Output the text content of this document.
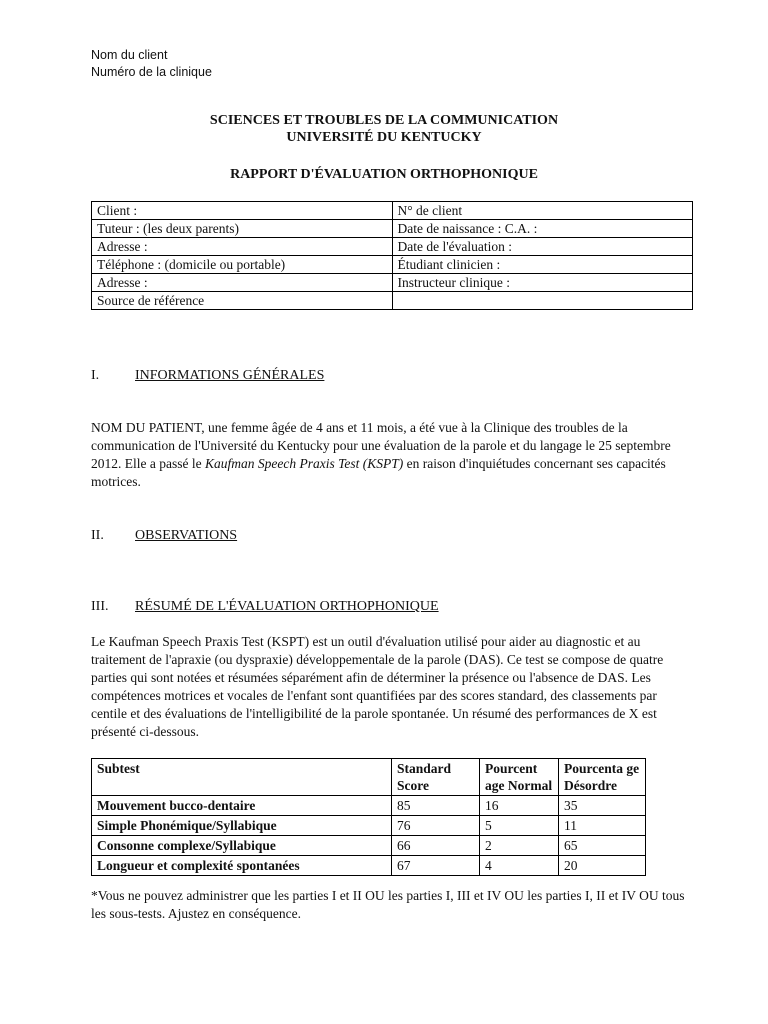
Nom du client
Numéro de la clinique
SCIENCES ET TROUBLES DE LA COMMUNICATION
UNIVERSITÉ DU KENTUCKY
RAPPORT D'ÉVALUATION ORTHOPHONIQUE
Client :	N° de client
Tuteur : (les deux parents)	Date de naissance : C.A. :
Adresse :	Date de l'évaluation :
Téléphone : (domicile ou portable)	Étudiant clinicien :
Adresse :	Instructeur clinique :
Source de référence	
I.	INFORMATIONS GÉNÉRALES
NOM DU PATIENT, une femme âgée de 4 ans et 11 mois, a été vue à la Clinique des troubles de la communication de l'Université du Kentucky pour une évaluation de la parole et du langage le 25 septembre 2012. Elle a passé le Kaufman Speech Praxis Test (KSPT) en raison d'inquiétudes concernant ses capacités motrices.
II. OBSERVATIONS
III. RÉSUMÉ DE L'ÉVALUATION ORTHOPHONIQUE
Le Kaufman Speech Praxis Test (KSPT) est un outil d'évaluation utilisé pour aider au diagnostic et au traitement de l'apraxie (ou dyspraxie) développementale de la parole (DAS). Ce test se compose de quatre parties qui sont notées et résumées séparément afin de déterminer la présence ou l'absence de DAS. Les compétences motrices et vocales de l'enfant sont quantifiées par des scores standard, des classements par centile et des évaluations de l'intelligibilité de la parole spontanée. Un résumé des performances de X est présenté ci-dessous.
Subtest	Standard Score	Pourcent age Normal	Pourcenta ge Désordre
Mouvement bucco-dentaire	85	16	35
Simple Phonémique/Syllabique	76	5	11
Consonne complexe/Syllabique	66	2	65
Longueur et complexité spontanées	67	4	20
*Vous ne pouvez administrer que les parties I et II OU les parties I, III et IV OU les parties I, II et IV OU tous les sous-tests. Ajustez en conséquence.
